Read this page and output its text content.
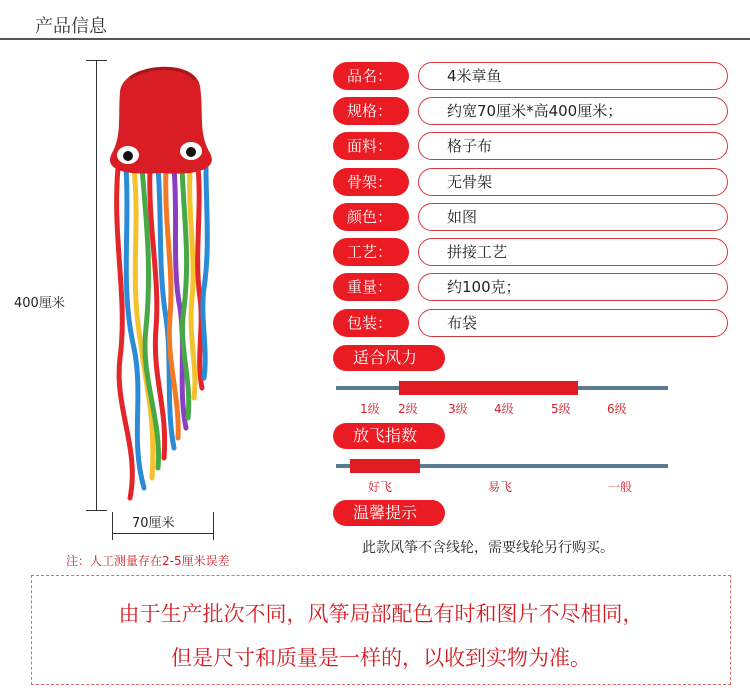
产品信息
400厘米
70厘米
注：人工测量存在2-5厘米误差
品名：	4米章鱼
规格：	约宽70厘米*高400厘米；
面料：	格子布
骨架：	无骨架
颜色：	如图
工艺：	拼接工艺
重量：	约100克；
包装：	布袋
适合风力
1级 2级	3级 4级	5级	6级
放飞指数
好飞	易飞	一般
温馨提示
此款风筝不含线轮，需要线轮另行购买。
由于生产批次不同，风筝局部配色有时和图片不尽相同，
但是尺寸和质量是一样的，以收到实物为准。
